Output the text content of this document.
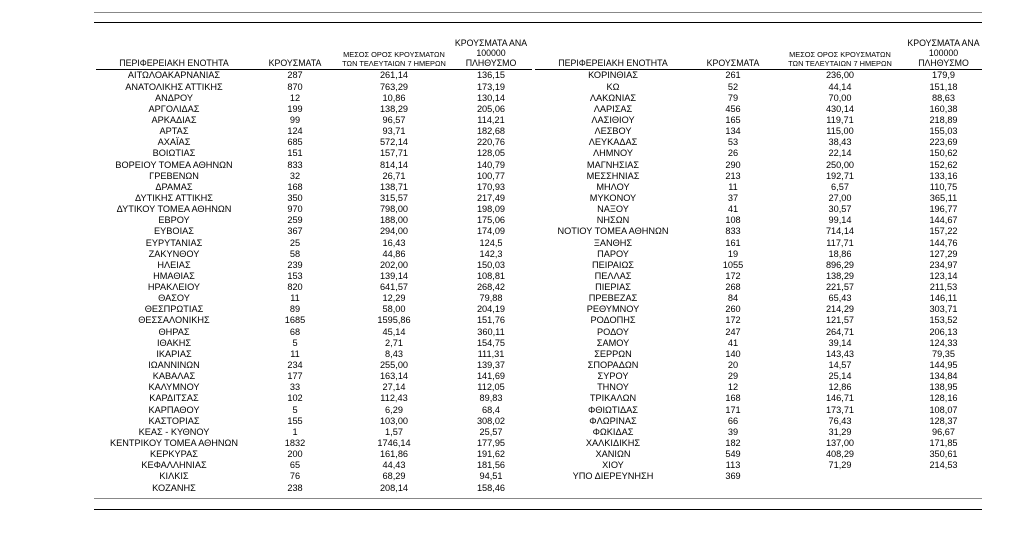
ΠΕΡΙΦΕΡΕΙΑΚΗ ΕΝΟΤΗΤΑ	ΚΡΟΥΣΜΑΤΑ	ΜΕΣΟΣ ΟΡΟΣ ΚΡΟΥΣΜΑΤΩΝ
ΤΩΝ ΤΕΛΕΥΤΑΙΩΝ 7 ΗΜΕΡΩΝ	ΚΡΟΥΣΜΑΤΑ ΑΝΑ 100000
ΠΛΗΘΥΣΜΟ
ΑΙΤΩΛΟΑΚΑΡΝΑΝΙΑΣ	287	261,14	136,15
ΑΝΑΤΟΛΙΚΗΣ ΑΤΤΙΚΗΣ	870	763,29	173,19
ΑΝΔΡΟΥ	12	10,86	130,14
ΑΡΓΟΛΙΔΑΣ	199	138,29	205,06
ΑΡΚΑΔΙΑΣ	99	96,57	114,21
ΑΡΤΑΣ	124	93,71	182,68
ΑΧΑΪΑΣ	685	572,14	220,76
ΒΟΙΩΤΙΑΣ	151	157,71	128,05
ΒΟΡΕΙΟΥ ΤΟΜΕΑ ΑΘΗΝΩΝ	833	814,14	140,79
ΓΡΕΒΕΝΩΝ	32	26,71	100,77
ΔΡΑΜΑΣ	168	138,71	170,93
ΔΥΤΙΚΗΣ ΑΤΤΙΚΗΣ	350	315,57	217,49
ΔΥΤΙΚΟΥ ΤΟΜΕΑ ΑΘΗΝΩΝ	970	798,00	198,09
ΕΒΡΟΥ	259	188,00	175,06
ΕΥΒΟΙΑΣ	367	294,00	174,09
ΕΥΡΥΤΑΝΙΑΣ	25	16,43	124,5
ΖΑΚΥΝΘΟΥ	58	44,86	142,3
ΗΛΕΙΑΣ	239	202,00	150,03
ΗΜΑΘΙΑΣ	153	139,14	108,81
ΗΡΑΚΛΕΙΟΥ	820	641,57	268,42
ΘΑΣΟΥ	11	12,29	79,88
ΘΕΣΠΡΩΤΙΑΣ	89	58,00	204,19
ΘΕΣΣΑΛΟΝΙΚΗΣ	1685	1595,86	151,76
ΘΗΡΑΣ	68	45,14	360,11
ΙΘΑΚΗΣ	5	2,71	154,75
ΙΚΑΡΙΑΣ	11	8,43	111,31
ΙΩΑΝΝΙΝΩΝ	234	255,00	139,37
ΚΑΒΑΛΑΣ	177	163,14	141,69
ΚΑΛΥΜΝΟΥ	33	27,14	112,05
ΚΑΡΔΙΤΣΑΣ	102	112,43	89,83
ΚΑΡΠΑΘΟΥ	5	6,29	68,4
ΚΑΣΤΟΡΙΑΣ	155	103,00	308,02
ΚΕΑΣ - ΚΥΘΝΟΥ	1	1,57	25,57
ΚΕΝΤΡΙΚΟΥ ΤΟΜΕΑ ΑΘΗΝΩΝ	1832	1746,14	177,95
ΚΕΡΚΥΡΑΣ	200	161,86	191,62
ΚΕΦΑΛΛΗΝΙΑΣ	65	44,43	181,56
ΚΙΛΚΙΣ	76	68,29	94,51
ΚΟΖΑΝΗΣ	238	208,14	158,46
ΠΕΡΙΦΕΡΕΙΑΚΗ ΕΝΟΤΗΤΑ	ΚΡΟΥΣΜΑΤΑ	ΜΕΣΟΣ ΟΡΟΣ ΚΡΟΥΣΜΑΤΩΝ
ΤΩΝ ΤΕΛΕΥΤΑΙΩΝ 7 ΗΜΕΡΩΝ	ΚΡΟΥΣΜΑΤΑ ΑΝΑ 100000
ΠΛΗΘΥΣΜΟ
ΚΟΡΙΝΘΙΑΣ	261	236,00	179,9
ΚΩ	52	44,14	151,18
ΛΑΚΩΝΙΑΣ	79	70,00	88,63
ΛΑΡΙΣΑΣ	456	430,14	160,38
ΛΑΣΙΘΙΟΥ	165	119,71	218,89
ΛΕΣΒΟΥ	134	115,00	155,03
ΛΕΥΚΑΔΑΣ	53	38,43	223,69
ΛΗΜΝΟΥ	26	22,14	150,62
ΜΑΓΝΗΣΙΑΣ	290	250,00	152,62
ΜΕΣΣΗΝΙΑΣ	213	192,71	133,16
ΜΗΛΟΥ	11	6,57	110,75
ΜΥΚΟΝΟΥ	37	27,00	365,11
ΝΑΞΟΥ	41	30,57	196,77
ΝΗΣΩΝ	108	99,14	144,67
ΝΟΤΙΟΥ ΤΟΜΕΑ ΑΘΗΝΩΝ	833	714,14	157,22
ΞΑΝΘΗΣ	161	117,71	144,76
ΠΑΡΟΥ	19	18,86	127,29
ΠΕΙΡΑΙΩΣ	1055	896,29	234,97
ΠΕΛΛΑΣ	172	138,29	123,14
ΠΙΕΡΙΑΣ	268	221,57	211,53
ΠΡΕΒΕΖΑΣ	84	65,43	146,11
ΡΕΘΥΜΝΟΥ	260	214,29	303,71
ΡΟΔΟΠΗΣ	172	121,57	153,52
ΡΟΔΟΥ	247	264,71	206,13
ΣΑΜΟΥ	41	39,14	124,33
ΣΕΡΡΩΝ	140	143,43	79,35
ΣΠΟΡΑΔΩΝ	20	14,57	144,95
ΣΥΡΟΥ	29	25,14	134,84
ΤΗΝΟΥ	12	12,86	138,95
ΤΡΙΚΑΛΩΝ	168	146,71	128,16
ΦΘΙΩΤΙΔΑΣ	171	173,71	108,07
ΦΛΩΡΙΝΑΣ	66	76,43	128,37
ΦΩΚΙΔΑΣ	39	31,29	96,67
ΧΑΛΚΙΔΙΚΗΣ	182	137,00	171,85
ΧΑΝΙΩΝ	549	408,29	350,61
ΧΙΟΥ	113	71,29	214,53
ΥΠΟ ΔΙΕΡΕΥΝΗΣΗ	369		
